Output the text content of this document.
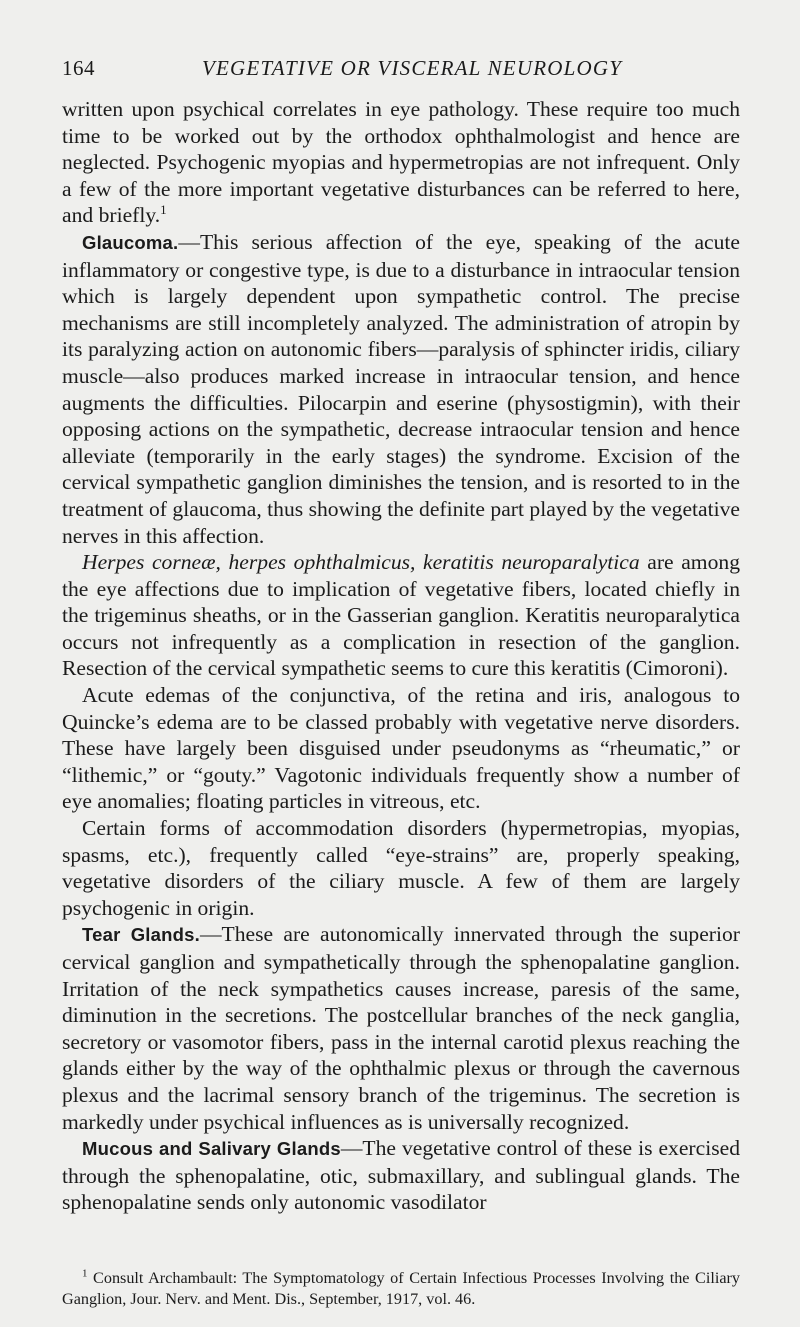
164	VEGETATIVE OR VISCERAL NEUROLOGY

written upon psychical correlates in eye pathology. These require too much time to be worked out by the orthodox ophthalmologist and hence are neglected. Psychogenic myopias and hypermetropias are not infrequent. Only a few of the more important vegetative disturbances can be referred to here, and briefly.$^1$

Glaucoma.—This serious affection of the eye, speaking of the acute inflammatory or congestive type, is due to a disturbance in intraocular tension which is largely dependent upon sympathetic control. The precise mechanisms are still incompletely analyzed. The administration of atropin by its paralyzing action on autonomic fibers—paralysis of sphincter iridis, ciliary muscle—also produces marked increase in intraocular tension, and hence augments the difficulties. Pilocarpin and eserine (physostigmin), with their opposing actions on the sympathetic, decrease intraocular tension and hence alleviate (temporarily in the early stages) the syndrome. Excision of the cervical sympathetic ganglion diminishes the tension, and is resorted to in the treatment of glaucoma, thus showing the definite part played by the vegetative nerves in this affection.

Herpes corneæ, herpes ophthalmicus, keratitis neuroparalytica are among the eye affections due to implication of vegetative fibers, located chiefly in the trigeminus sheaths, or in the Gasserian ganglion. Keratitis neuroparalytica occurs not infrequently as a complication in resection of the ganglion. Resection of the cervical sympathetic seems to cure this keratitis (Cimoroni).

Acute edemas of the conjunctiva, of the retina and iris, analogous to Quincke’s edema are to be classed probably with vegetative nerve disorders. These have largely been disguised under pseudonyms as “rheumatic,” or “lithemic,” or “gouty.” Vagotonic individuals frequently show a number of eye anomalies; floating particles in vitreous, etc.

Certain forms of accommodation disorders (hypermetropias, myopias, spasms, etc.), frequently called “eye-strains” are, properly speaking, vegetative disorders of the ciliary muscle. A few of them are largely psychogenic in origin.

Tear Glands.—These are autonomically innervated through the superior cervical ganglion and sympathetically through the sphenopalatine ganglion. Irritation of the neck sympathetics causes increase, paresis of the same, diminution in the secretions. The postcellular branches of the neck ganglia, secretory or vasomotor fibers, pass in the internal carotid plexus reaching the glands either by the way of the ophthalmic plexus or through the cavernous plexus and the lacrimal sensory branch of the trigeminus. The secretion is markedly under psychical influences as is universally recognized.

Mucous and Salivary Glands—The vegetative control of these is exercised through the sphenopalatine, otic, submaxillary, and sublingual glands. The sphenopalatine sends only autonomic vasodilator

$^1$ Consult Archambault: The Symptomatology of Certain Infectious Processes Involving the Ciliary Ganglion, Jour. Nerv. and Ment. Dis., September, 1917, vol. 46.
